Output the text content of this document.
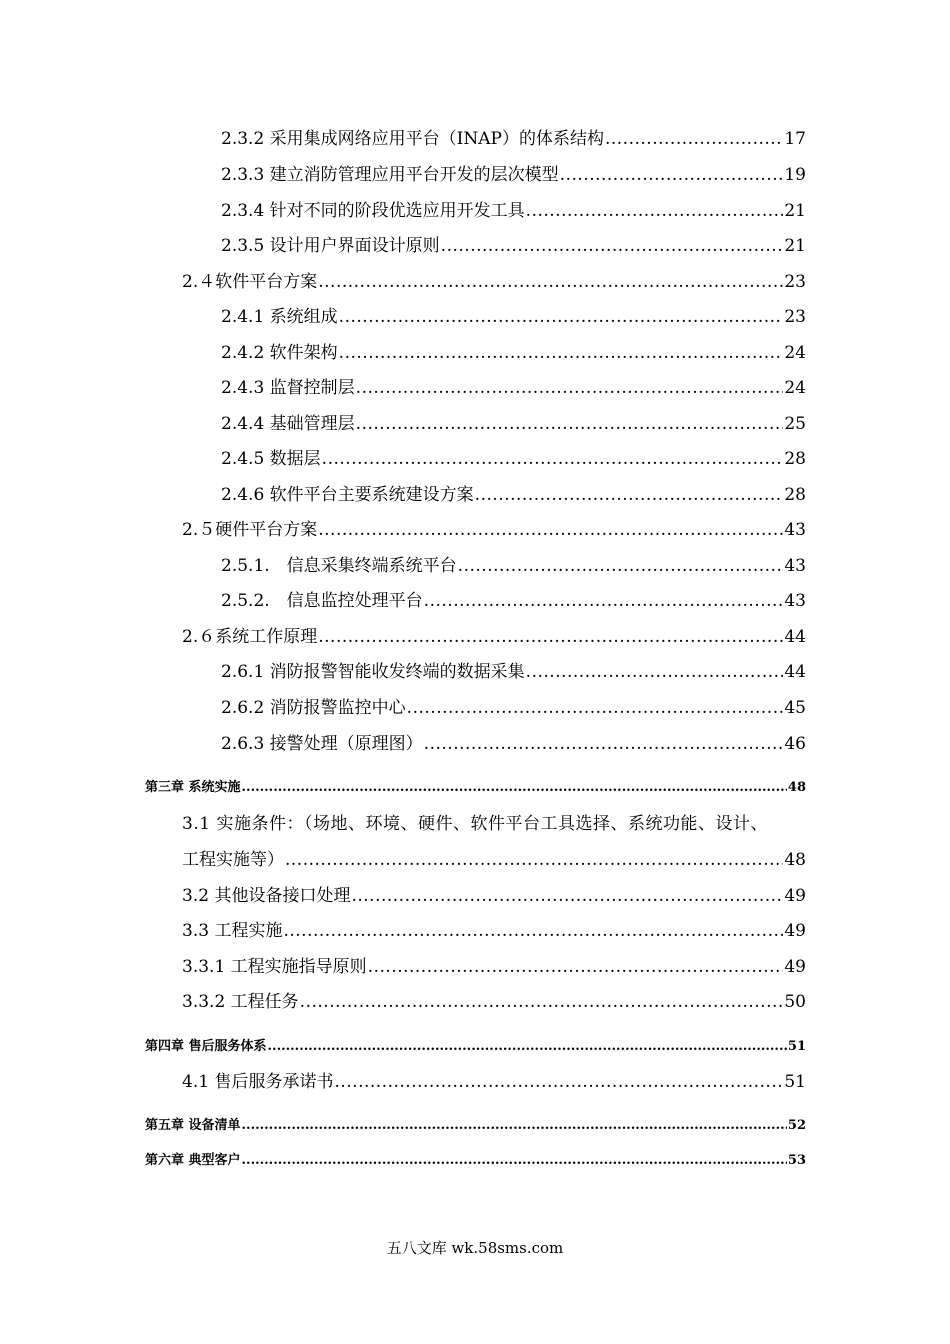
2.3.2 采用集成网络应用平台（INAP）的体系结构 .....	17
2.3.3 建立消防管理应用平台开发的层次模型 .....	19
2.3.4 针对不同的阶段优选应用开发工具 .....	21
2.3.5 设计用户界面设计原则 .....	21
2.４软件平台方案 .....	23
2.4.1 系统组成 .....	23
2.4.2 软件架构 .....	24
2.4.3 监督控制层 .....	24
2.4.4 基础管理层 .....	25
2.4.5 数据层 .....	28
2.4.6 软件平台主要系统建设方案 .....	28
2.５硬件平台方案 .....	43
2.5.1.　信息采集终端系统平台 .....	43
2.5.2.　信息监控处理平台 .....	43
2.６系统工作原理 .....	44
2.6.1 消防报警智能收发终端的数据采集 .....	44
2.6.2 消防报警监控中心 .....	45
2.6.3 接警处理（原理图） .....	46
第三章 系统实施 .....	48
3.1 实施条件：（场地、环境、硬件、软件平台工具选择、系统功能、设计、
工程实施等） .....	48
3.2 其他设备接口处理 .....	49
3.3 工程实施 .....	49
3.3.1 工程实施指导原则 .....	49
3.3.2 工程任务 .....	50
第四章 售后服务体系 .....	51
4.1 售后服务承诺书 .....	51
第五章 设备清单 .....	52
第六章 典型客户 .....	53
五八文库 wk.58sms.com
